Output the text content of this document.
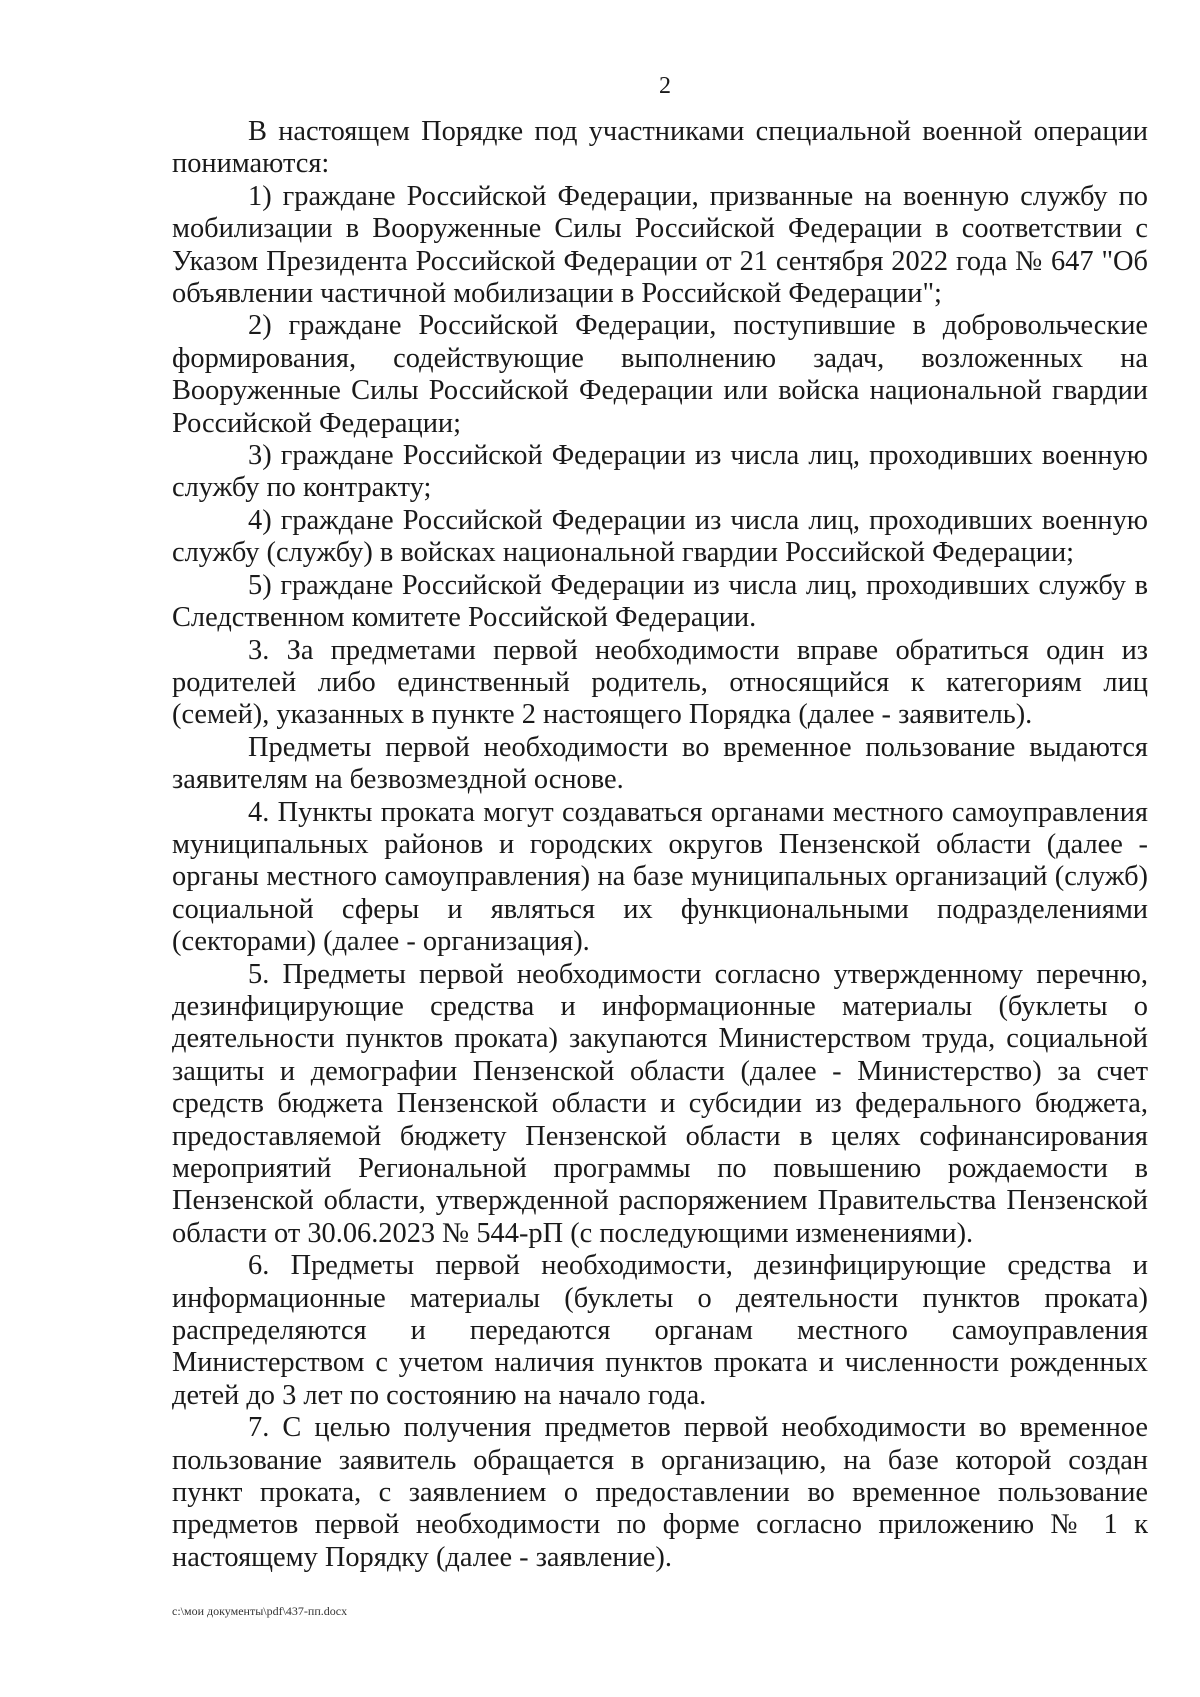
2

В настоящем Порядке под участниками специальной военной операции понимаются:

1) граждане Российской Федерации, призванные на военную службу по мобилизации в Вооруженные Силы Российской Федерации в соответствии с Указом Президента Российской Федерации от 21 сентября 2022 года № 647 "Об объявлении частичной мобилизации в Российской Федерации";

2) граждане Российской Федерации, поступившие в добровольческие формирования, содействующие выполнению задач, возложенных на Вооруженные Силы Российской Федерации или войска национальной гвардии Российской Федерации;

3) граждане Российской Федерации из числа лиц, проходивших военную службу по контракту;

4) граждане Российской Федерации из числа лиц, проходивших военную службу (службу) в войсках национальной гвардии Российской Федерации;

5) граждане Российской Федерации из числа лиц, проходивших службу в Следственном комитете Российской Федерации.

3. За предметами первой необходимости вправе обратиться один из родителей либо единственный родитель, относящийся к категориям лиц (семей), указанных в пункте 2 настоящего Порядка (далее - заявитель).

Предметы первой необходимости во временное пользование выдаются заявителям на безвозмездной основе.

4. Пункты проката могут создаваться органами местного самоуправления муниципальных районов и городских округов Пензенской области (далее - органы местного самоуправления) на базе муниципальных организаций (служб) социальной сферы и являться их функциональными подразделениями (секторами) (далее - организация).

5. Предметы первой необходимости согласно утвержденному перечню, дезинфицирующие средства и информационные материалы (буклеты о деятельности пунктов проката) закупаются Министерством труда, социальной защиты и демографии Пензенской области (далее - Министерство) за счет средств бюджета Пензенской области и субсидии из федерального бюджета, предоставляемой бюджету Пензенской области в целях софинансирования мероприятий Региональной программы по повышению рождаемости в Пензенской области, утвержденной распоряжением Правительства Пензенской области от 30.06.2023 № 544-рП (с последующими изменениями).

6. Предметы первой необходимости, дезинфицирующие средства и информационные материалы (буклеты о деятельности пунктов проката) распределяются и передаются органам местного самоуправления Министерством с учетом наличия пунктов проката и численности рожденных детей до 3 лет по состоянию на начало года.

7. С целью получения предметов первой необходимости во временное пользование заявитель обращается в организацию, на базе которой создан пункт проката, с заявлением о предоставлении во временное пользование предметов первой необходимости по форме согласно приложению № 1 к настоящему Порядку (далее - заявление).

c:\мои документы\pdf\437-пп.docx
